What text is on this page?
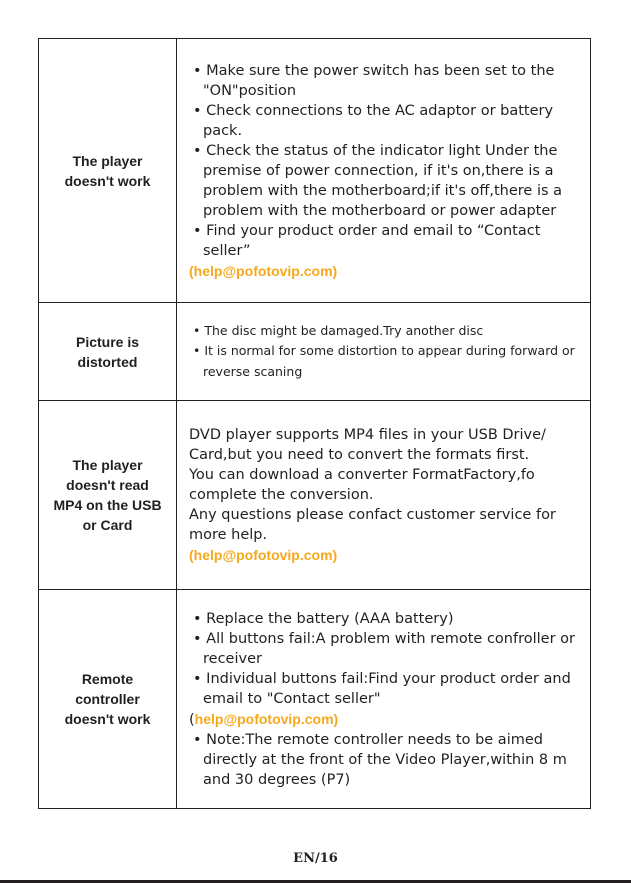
The player
doesn't work
• Make sure the power switch has been set to the "ON"position
• Check connections to the AC adaptor or battery pack.
• Check the status of the indicator light Under the premise of power connection, if it's on,there is a problem with the motherboard;if it's off,there is a problem with the motherboard or power adapter
• Find your product order and email to “Contact seller”
(help@pofotovip.com)
Picture is
distorted
• The disc might be damaged.Try another disc
• It is normal for some distortion to appear during forward or reverse scaning
The player
doesn't read
MP4 on the USB
or Card
DVD player supports MP4 files in your USB Drive/
Card,but you need to convert the formats first.
You can download a converter FormatFactory,fo
complete the conversion.
Any questions please confact customer service for
more help.
(help@pofotovip.com)
Remote
controller
doesn't work
• Replace the battery (AAA battery)
• All buttons fail:A problem with remote confroller or receiver
• Individual buttons fail:Find your product order and email to "Contact seller"
(help@pofotovip.com)
• Note:The remote controller needs to be aimed directly at the front of the Video Player,within 8 m and 30 degrees (P7)
EN/16
